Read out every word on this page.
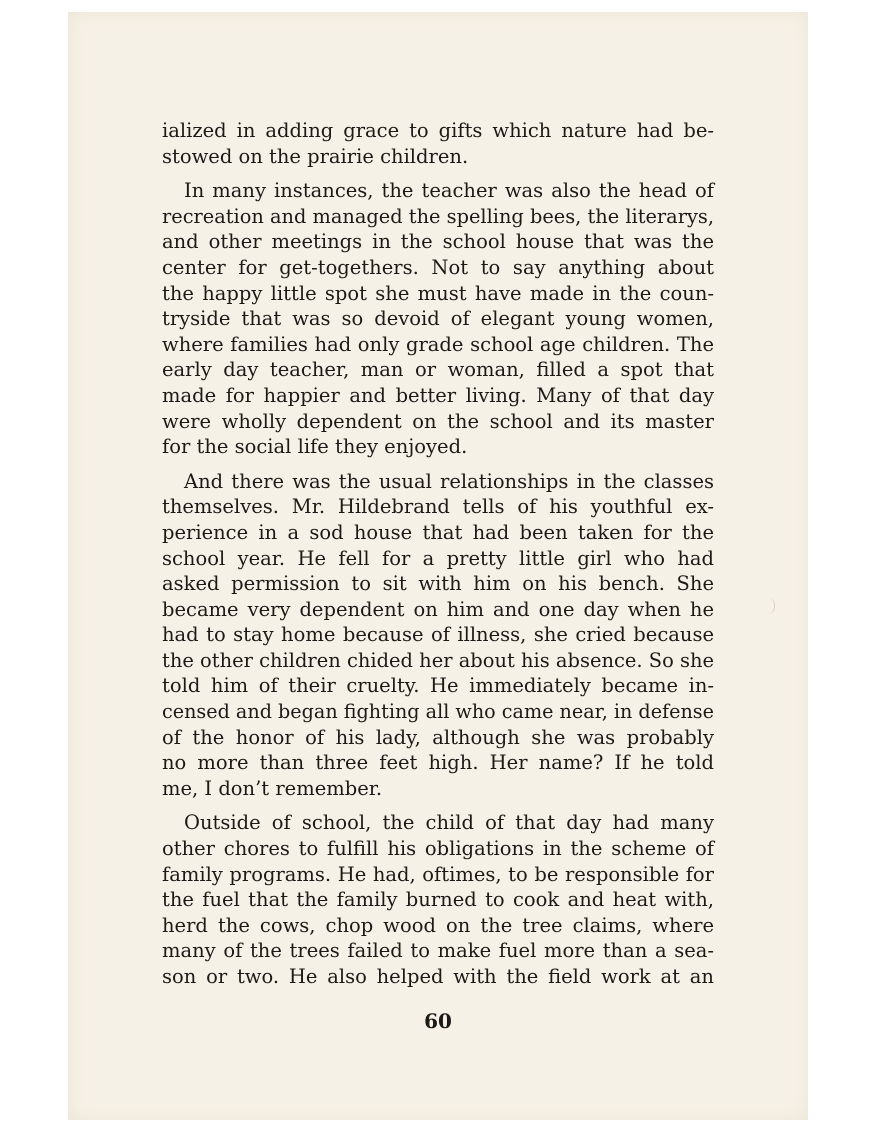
ialized in adding grace to gifts which nature had be-
stowed on the prairie children.
In many instances, the teacher was also the head of
recreation and managed the spelling bees, the literarys,
and other meetings in the school house that was the
center for get-togethers. Not to say anything about
the happy little spot she must have made in the coun-
tryside that was so devoid of elegant young women,
where families had only grade school age children. The
early day teacher, man or woman, filled a spot that
made for happier and better living. Many of that day
were wholly dependent on the school and its master
for the social life they enjoyed.
And there was the usual relationships in the classes
themselves. Mr. Hildebrand tells of his youthful ex-
perience in a sod house that had been taken for the
school year. He fell for a pretty little girl who had
asked permission to sit with him on his bench. She
became very dependent on him and one day when he
had to stay home because of illness, she cried because
the other children chided her about his absence. So she
told him of their cruelty. He immediately became in-
censed and began fighting all who came near, in defense
of the honor of his lady, although she was probably
no more than three feet high. Her name? If he told
me, I don’t remember.
Outside of school, the child of that day had many
other chores to fulfill his obligations in the scheme of
family programs. He had, oftimes, to be responsible for
the fuel that the family burned to cook and heat with,
herd the cows, chop wood on the tree claims, where
many of the trees failed to make fuel more than a sea-
son or two. He also helped with the field work at an
60
